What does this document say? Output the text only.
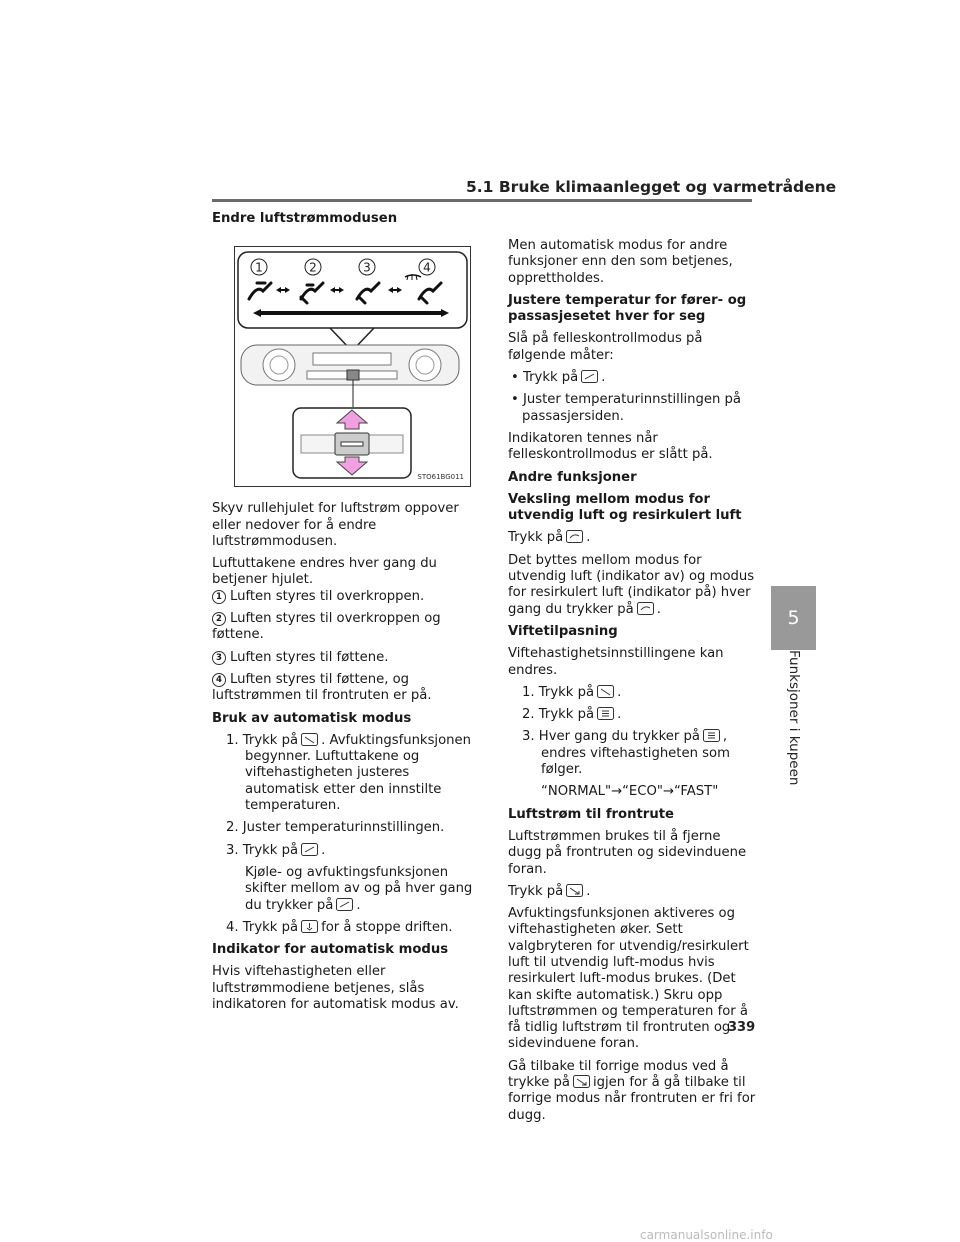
5.1 Bruke klimaanlegget og varmetrådene

Endre luftstrømmodusen

Skyv rullehjulet for luftstrøm oppover eller nedover for å endre luftstrømmodusen.

Luftuttakene endres hver gang du betjener hjulet.

1 Luften styres til overkroppen.

2 Luften styres til overkroppen og føttene.

3 Luften styres til føttene.

4 Luften styres til føttene, og luftstrømmen til frontruten er på.

Bruk av automatisk modus

1. Trykk på . Avfuktingsfunksjonen begynner. Luftuttakene og viftehastigheten justeres automatisk etter den innstilte temperaturen.

2. Juster temperaturinnstillingen.

3. Trykk på .

Kjøle- og avfuktingsfunksjonen skifter mellom av og på hver gang du trykker på .

4. Trykk på for å stoppe driften.

Indikator for automatisk modus

Hvis viftehastigheten eller luftstrømmodiene betjenes, slås indikatoren for automatisk modus av.

1	2	3	4
STO61BG011

Men automatisk modus for andre funksjoner enn den som betjenes, opprettholdes.

Justere temperatur for fører- og passasjesetet hver for seg

Slå på felleskontrollmodus på følgende måter:

• Trykk på .

• Juster temperaturinnstillingen på passasjersiden.

Indikatoren tennes når felleskontrollmodus er slått på.

Andre funksjoner

Veksling mellom modus for utvendig luft og resirkulert luft

Trykk på .

Det byttes mellom modus for utvendig luft (indikator av) og modus for resirkulert luft (indikator på) hver gang du trykker på .

Viftetilpasning

Viftehastighetsinnstillingene kan endres.

1. Trykk på .

2. Trykk på .

3. Hver gang du trykker på , endres viftehastigheten som følger.

“NORMAL"→“ECO"→“FAST"

Luftstrøm til frontrute

Luftstrømmen brukes til å fjerne dugg på frontruten og sidevinduene foran.

Trykk på .

Avfuktingsfunksjonen aktiveres og viftehastigheten øker. Sett valgbryteren for utvendig/resirkulert luft til utvendig luft-modus hvis resirkulert luft-modus brukes. (Det kan skifte automatisk.) Skru opp luftstrømmen og temperaturen for å få tidlig luftstrøm til frontruten og sidevinduene foran.

Gå tilbake til forrige modus ved å trykke på igjen for å gå tilbake til forrige modus når frontruten er fri for dugg.

5
Funksjoner i kupeen
339
carmanualsonline.info
